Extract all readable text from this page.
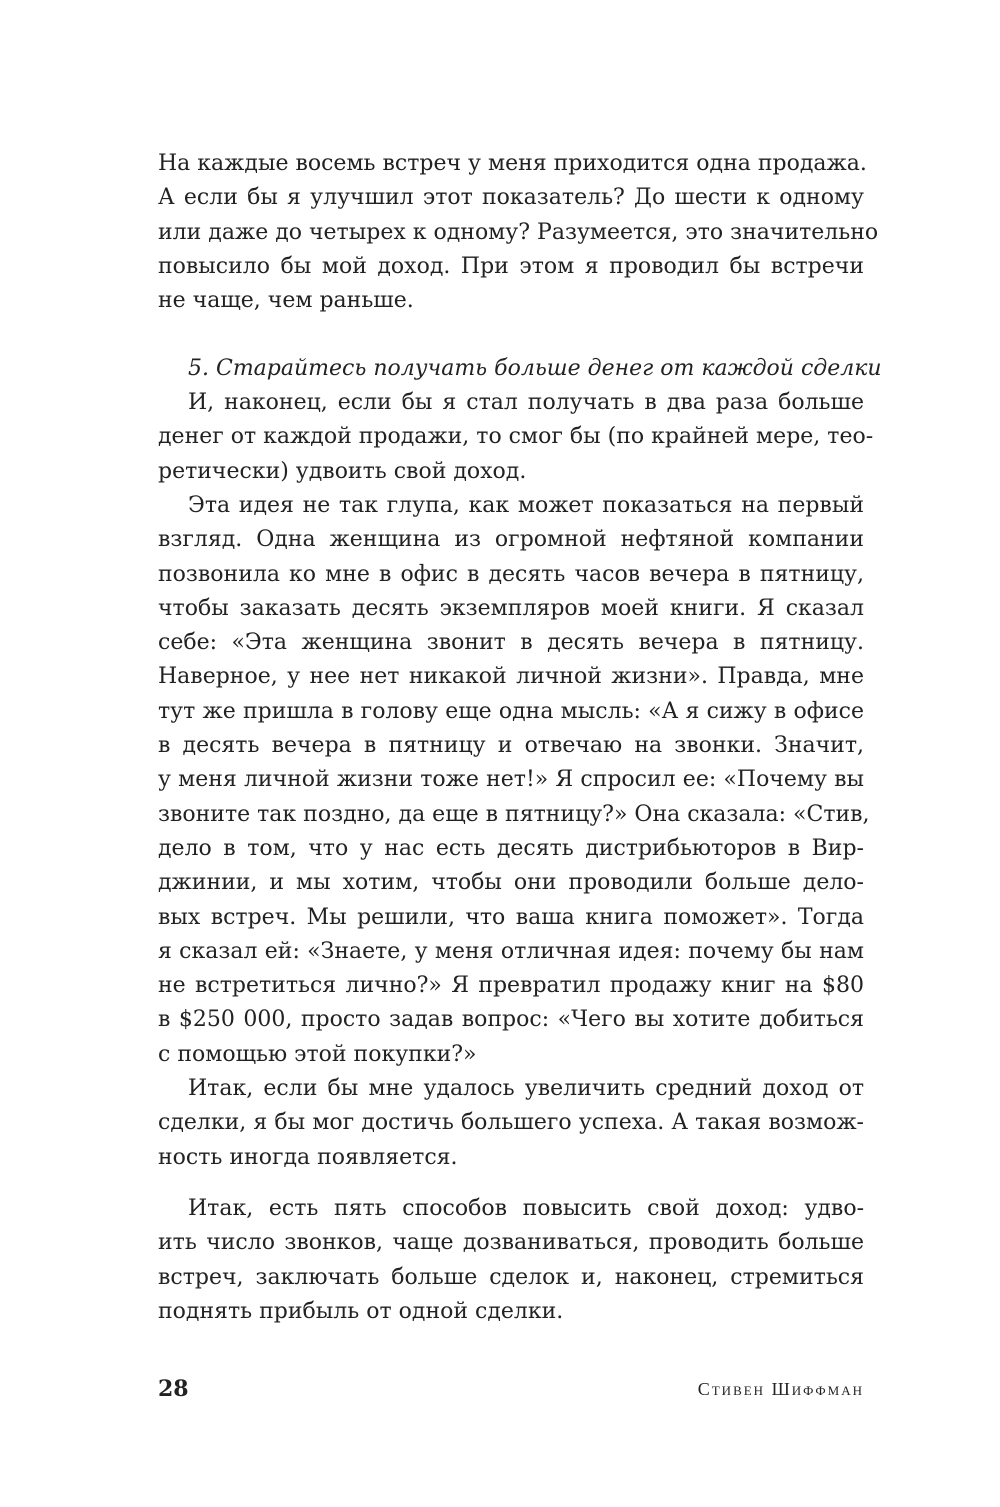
На каждые восемь встреч у меня приходится одна продажа.
А если бы я улучшил этот показатель? До шести к одному
или даже до четырех к одному? Разумеется, это значительно
повысило бы мой доход. При этом я проводил бы встречи
не чаще, чем раньше.
5. Старайтесь получать больше денег от каждой сделки
И, наконец, если бы я стал получать в два раза больше
денег от каждой продажи, то смог бы (по крайней мере, тео-
ретически) удвоить свой доход.
Эта идея не так глупа, как может показаться на первый
взгляд. Одна женщина из огромной нефтяной компании
позвонила ко мне в офис в десять часов вечера в пятницу,
чтобы заказать десять экземпляров моей книги. Я сказал
себе: «Эта женщина звонит в десять вечера в пятницу.
Наверное, у нее нет никакой личной жизни». Правда, мне
тут же пришла в голову еще одна мысль: «А я сижу в офисе
в десять вечера в пятницу и отвечаю на звонки. Значит,
у меня личной жизни тоже нет!» Я спросил ее: «Почему вы
звоните так поздно, да еще в пятницу?» Она сказала: «Стив,
дело в том, что у нас есть десять дистрибьюторов в Вир-
джинии, и мы хотим, чтобы они проводили больше дело-
вых встреч. Мы решили, что ваша книга поможет». Тогда
я сказал ей: «Знаете, у меня отличная идея: почему бы нам
не встретиться лично?» Я превратил продажу книг на $80
в $250 000, просто задав вопрос: «Чего вы хотите добиться
с помощью этой покупки?»
Итак, если бы мне удалось увеличить средний доход от
сделки, я бы мог достичь большего успеха. А такая возмож-
ность иногда появляется.
Итак, есть пять способов повысить свой доход: удво-
ить число звонков, чаще дозваниваться, проводить больше
встреч, заключать больше сделок и, наконец, стремиться
поднять прибыль от одной сделки.
28	Стивен Шиффман
